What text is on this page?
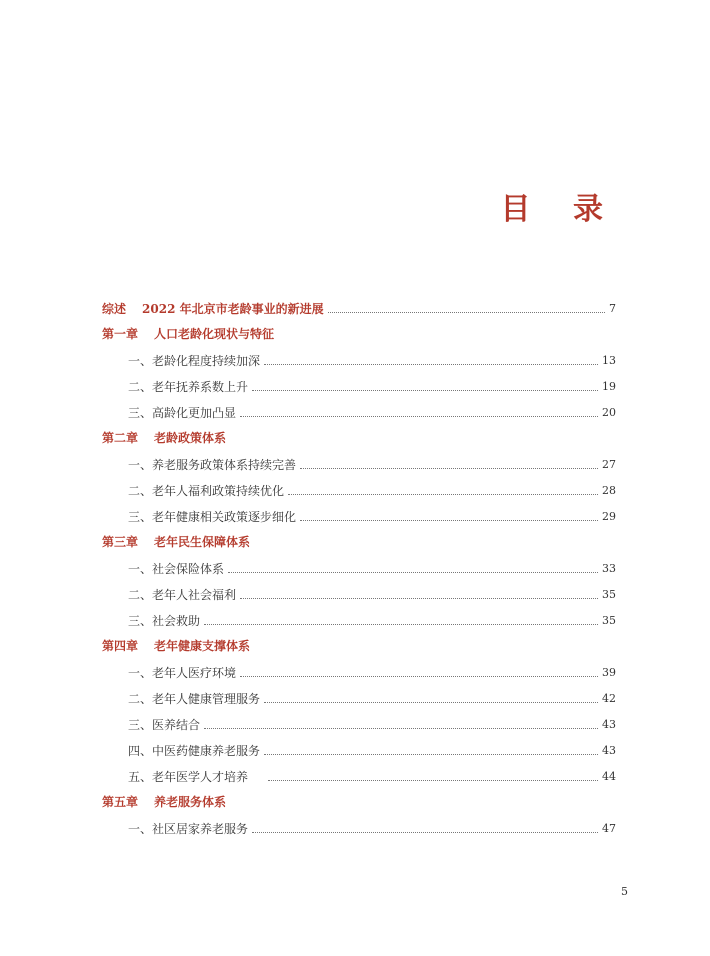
目 录
综述 2022 年北京市老龄事业的新进展	7
第一章 人口老龄化现状与特征
一、老龄化程度持续加深	13
二、老年抚养系数上升	19
三、高龄化更加凸显	20
第二章 老龄政策体系
一、养老服务政策体系持续完善	27
二、老年人福利政策持续优化	28
三、老年健康相关政策逐步细化	29
第三章 老年民生保障体系
一、社会保险体系	33
二、老年人社会福利	35
三、社会救助	35
第四章 老年健康支撑体系
一、老年人医疗环境	39
二、老年人健康管理服务	42
三、医养结合	43
四、中医药健康养老服务	43
五、老年医学人才培养	44
第五章 养老服务体系
一、社区居家养老服务	47
5
